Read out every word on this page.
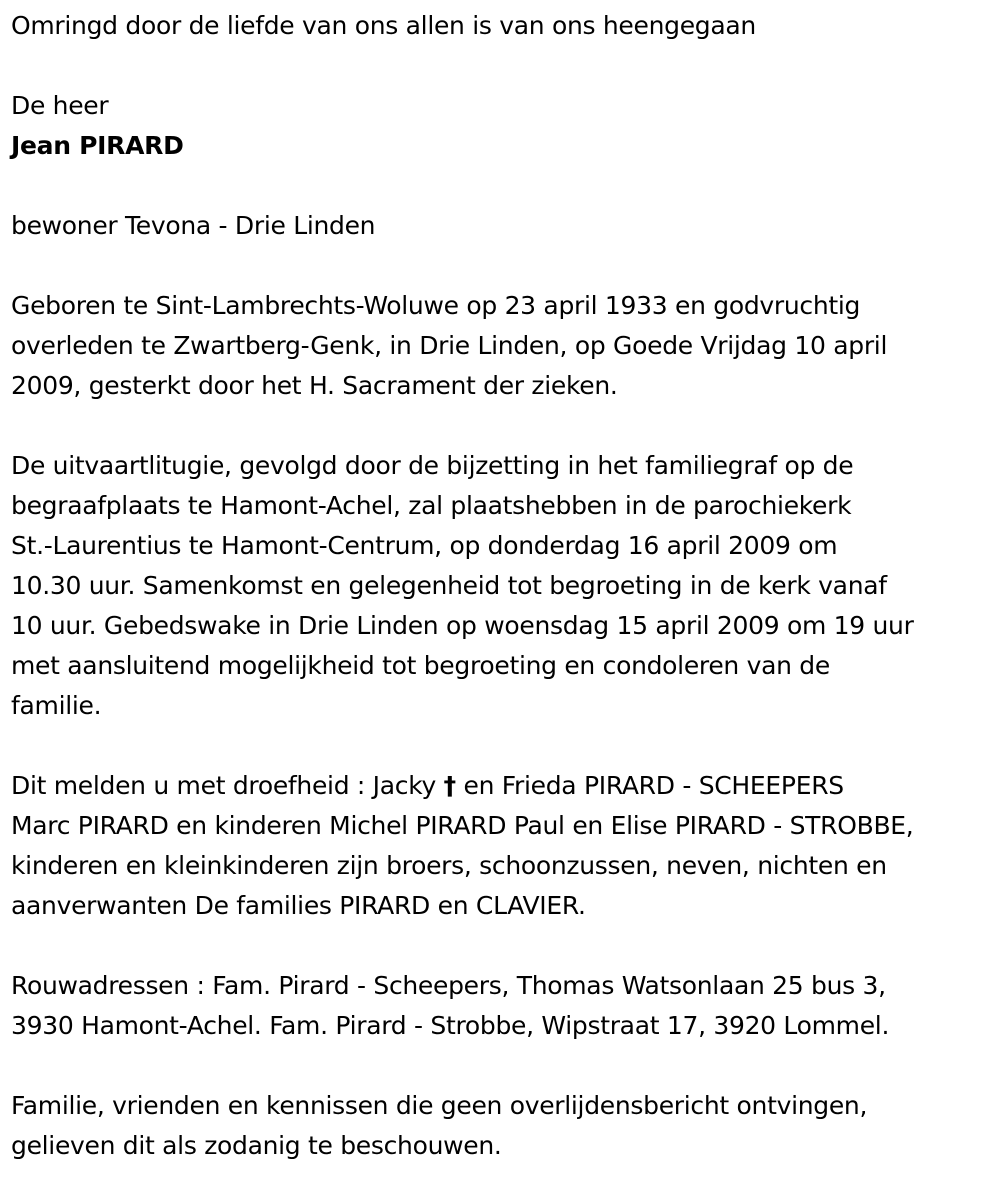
Omringd door de liefde van ons allen is van ons heengegaan

De heer

Jean PIRARD

bewoner Tevona - Drie Linden

Geboren te Sint-Lambrechts-Woluwe op 23 april 1933 en godvruchtig

overleden te Zwartberg-Genk, in Drie Linden, op Goede Vrijdag 10 april

2009, gesterkt door het H. Sacrament der zieken.

De uitvaartlitugie, gevolgd door de bijzetting in het familiegraf op de

begraafplaats te Hamont-Achel, zal plaatshebben in de parochiekerk

St.-Laurentius te Hamont-Centrum, op donderdag 16 april 2009 om

10.30 uur. Samenkomst en gelegenheid tot begroeting in de kerk vanaf

10 uur. Gebedswake in Drie Linden op woensdag 15 april 2009 om 19 uur

met aansluitend mogelijkheid tot begroeting en condoleren van de

familie.

Dit melden u met droefheid : Jacky † en Frieda PIRARD - SCHEEPERS

Marc PIRARD en kinderen Michel PIRARD Paul en Elise PIRARD - STROBBE,

kinderen en kleinkinderen zijn broers, schoonzussen, neven, nichten en

aanverwanten De families PIRARD en CLAVIER.

Rouwadressen : Fam. Pirard - Scheepers, Thomas Watsonlaan 25 bus 3,

3930 Hamont-Achel. Fam. Pirard - Strobbe, Wipstraat 17, 3920 Lommel.

Familie, vrienden en kennissen die geen overlijdensbericht ontvingen,

gelieven dit als zodanig te beschouwen.
